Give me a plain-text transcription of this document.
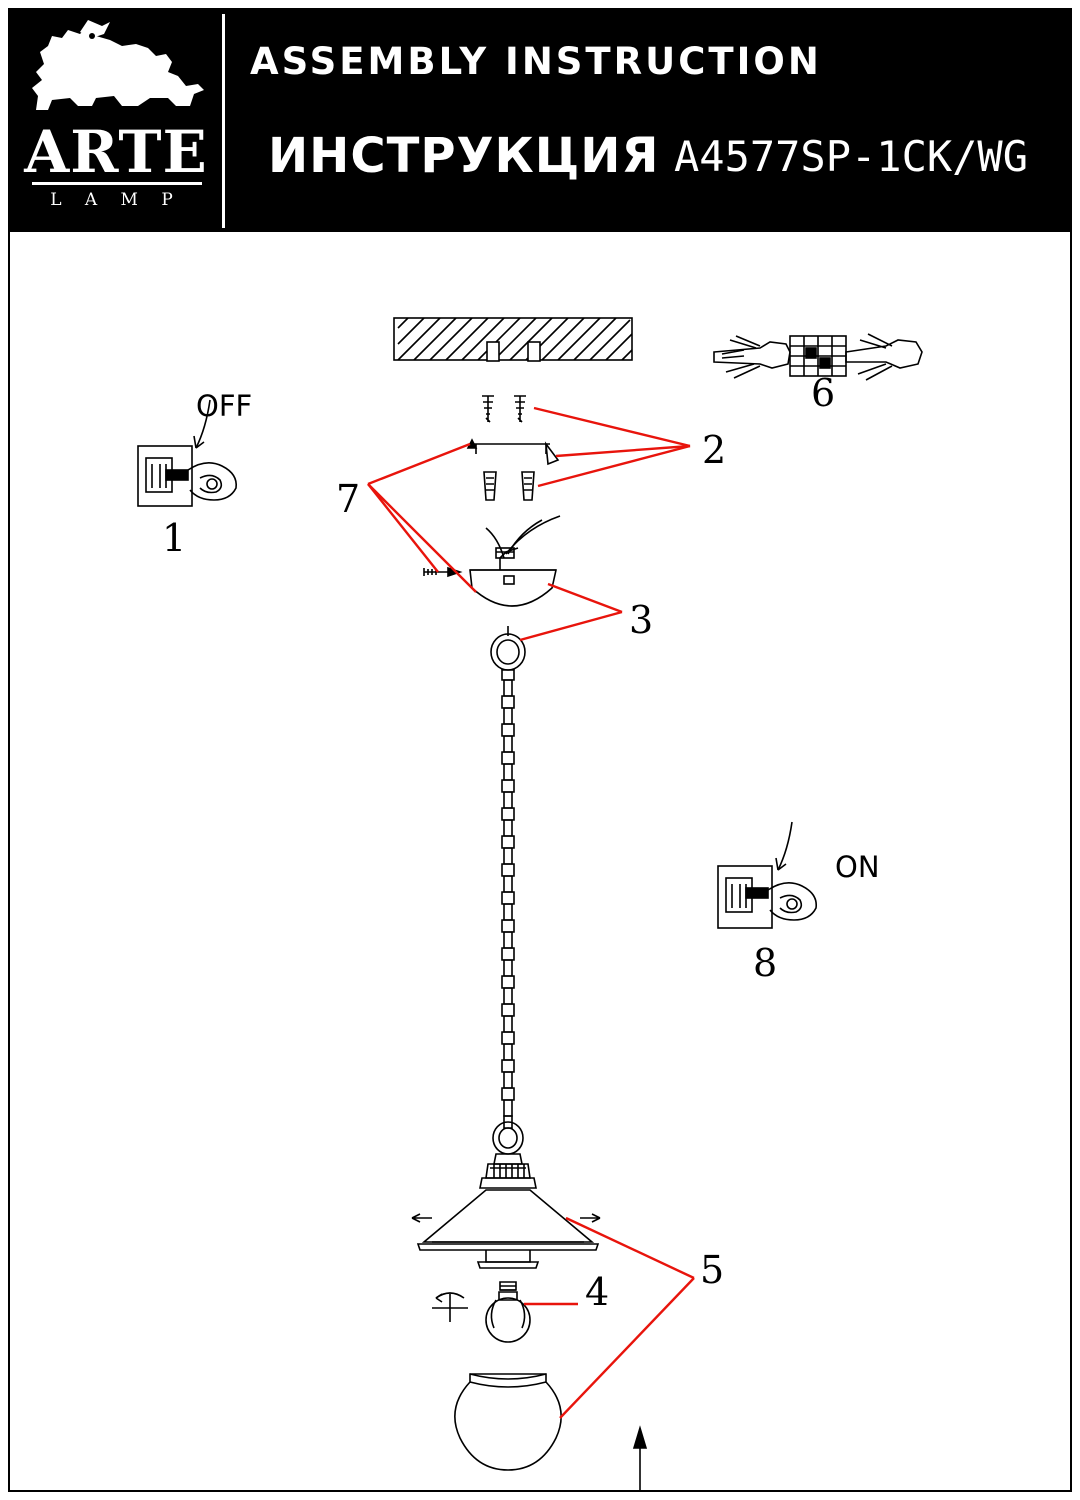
ARTE
L A M P
ASSEMBLY INSTRUCTION
ИНСТРУКЦИЯ A4577SP-1CK/WG
1
2
3
4 5
6
7
8
OFF
ON
